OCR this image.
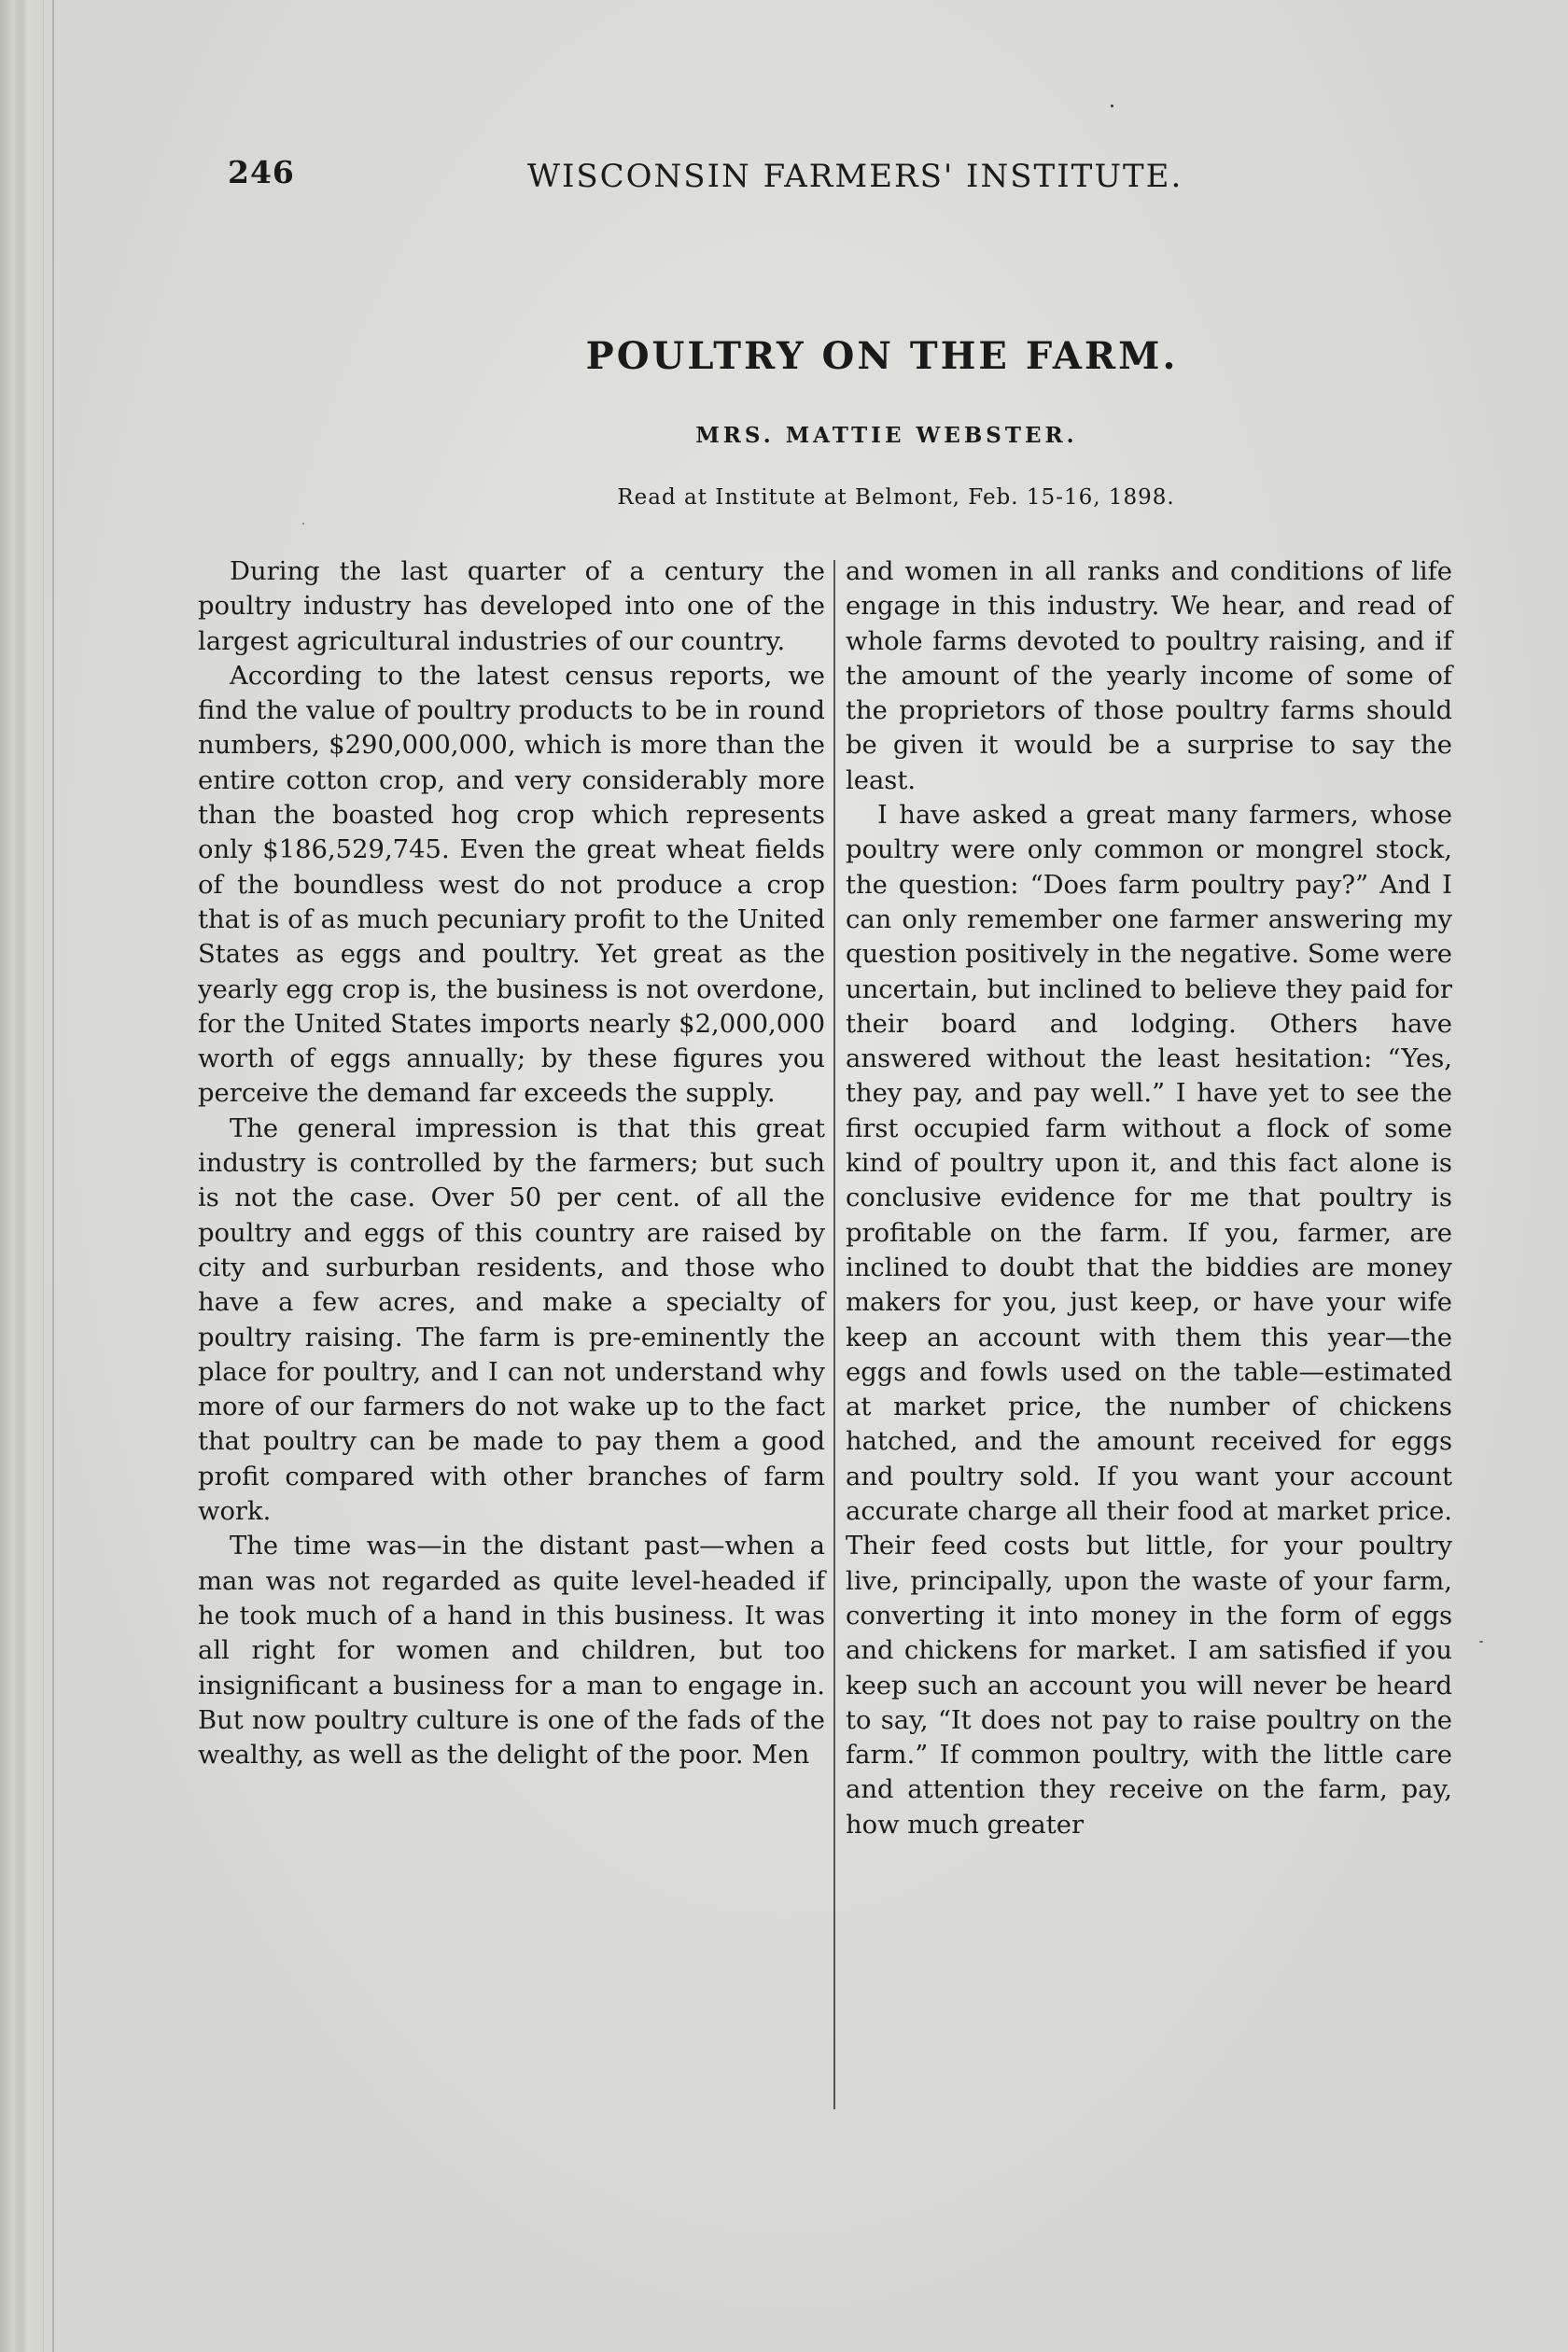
246	WISCONSIN FARMERS' INSTITUTE.
POULTRY ON THE FARM.
MRS. MATTIE WEBSTER.
Read at Institute at Belmont, Feb. 15-16, 1898.

During the last quarter of a century the poultry industry has developed into one of the largest agricultural industries of our country.

According to the latest census reports, we find the value of poultry products to be in round numbers, $290,000,000, which is more than the entire cotton crop, and very considerably more than the boasted hog crop which represents only $186,529,745. Even the great wheat fields of the boundless west do not produce a crop that is of as much pecuniary profit to the United States as eggs and poultry. Yet great as the yearly egg crop is, the business is not overdone, for the United States imports nearly $2,000,000 worth of eggs annually; by these figures you perceive the demand far exceeds the supply.

The general impression is that this great industry is controlled by the farmers; but such is not the case. Over 50 per cent. of all the poultry and eggs of this country are raised by city and surburban residents, and those who have a few acres, and make a specialty of poultry raising. The farm is pre-eminently the place for poultry, and I can not understand why more of our farmers do not wake up to the fact that poultry can be made to pay them a good profit compared with other branches of farm work.

The time was—in the distant past—when a man was not regarded as quite level-headed if he took much of a hand in this business. It was all right for women and children, but too insignificant a business for a man to engage in. But now poultry culture is one of the fads of the wealthy, as well as the delight of the poor. Men

and women in all ranks and conditions of life engage in this industry. We hear, and read of whole farms devoted to poultry raising, and if the amount of the yearly income of some of the proprietors of those poultry farms should be given it would be a surprise to say the least.

I have asked a great many farmers, whose poultry were only common or mongrel stock, the question: “Does farm poultry pay?” And I can only remember one farmer answering my question positively in the negative. Some were uncertain, but inclined to believe they paid for their board and lodging. Others have answered without the least hesitation: “Yes, they pay, and pay well.” I have yet to see the first occupied farm without a flock of some kind of poultry upon it, and this fact alone is conclusive evidence for me that poultry is profitable on the farm. If you, farmer, are inclined to doubt that the biddies are money makers for you, just keep, or have your wife keep an account with them this year—the eggs and fowls used on the table—estimated at market price, the number of chickens hatched, and the amount received for eggs and poultry sold. If you want your account accurate charge all their food at market price. Their feed costs but little, for your poultry live, principally, upon the waste of your farm, converting it into money in the form of eggs and chickens for market. I am satisfied if you keep such an account you will never be heard to say, “It does not pay to raise poultry on the farm.” If common poultry, with the little care and attention they receive on the farm, pay, how much greater
